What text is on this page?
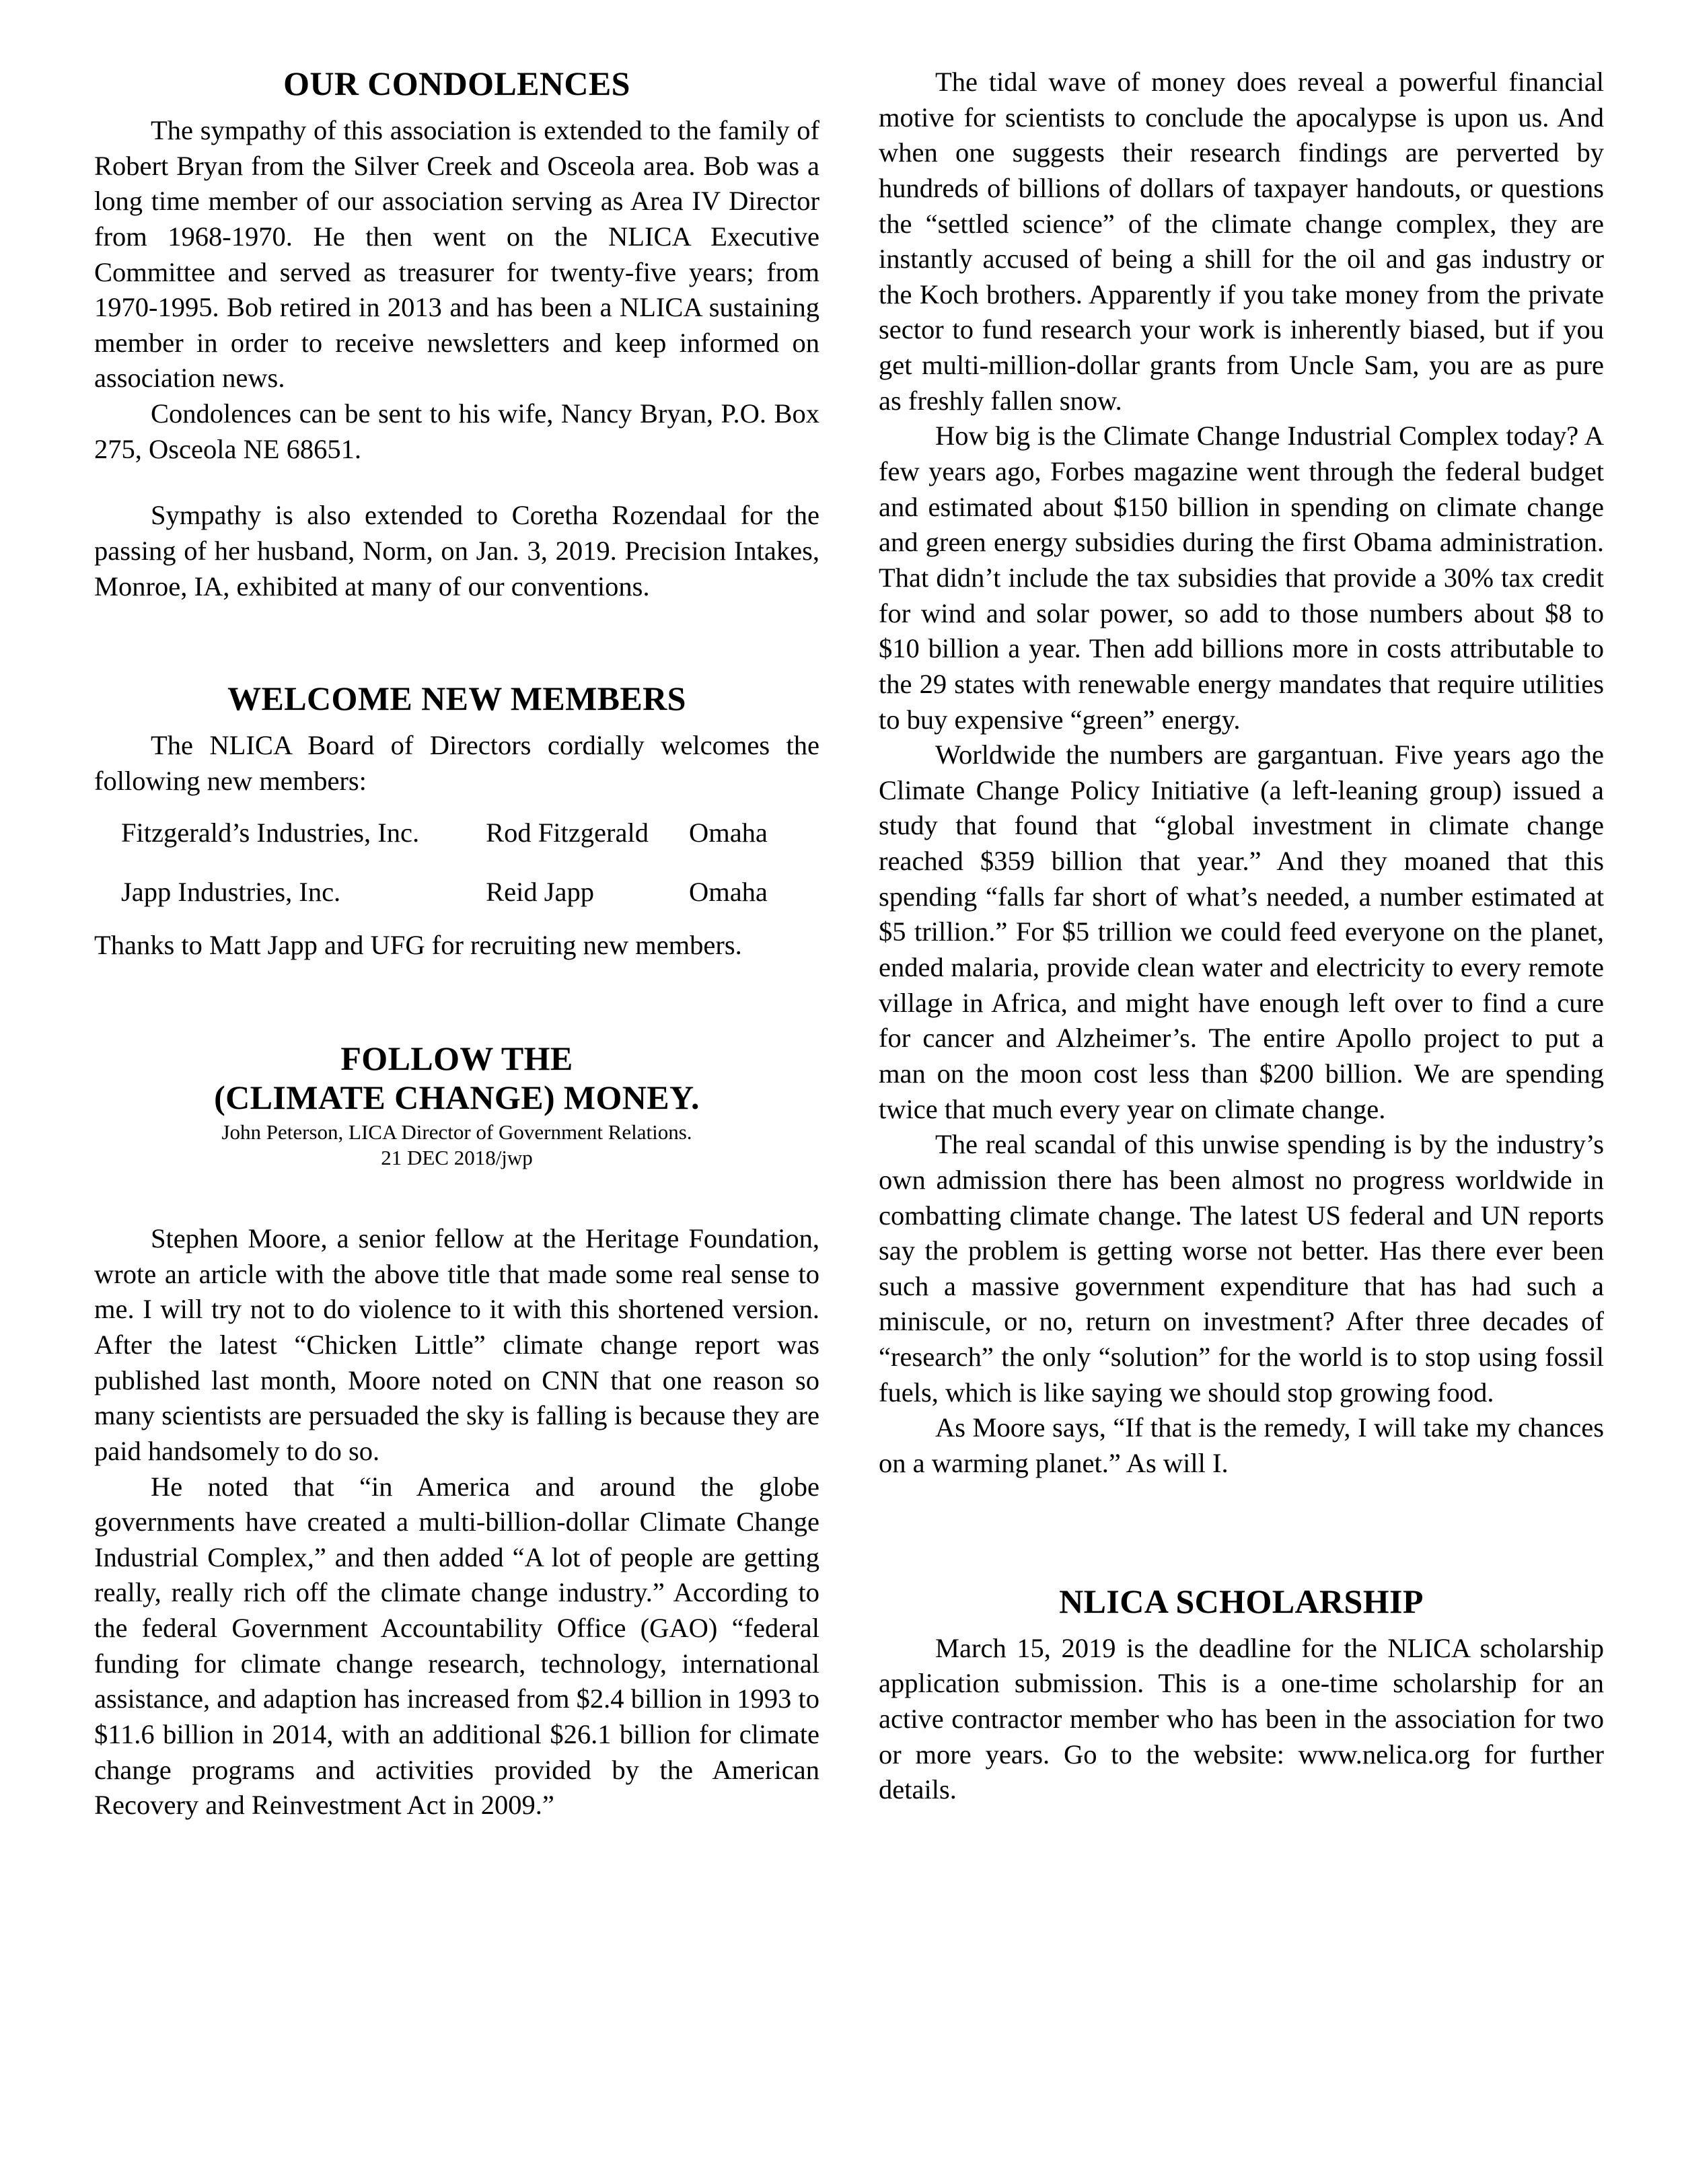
OUR CONDOLENCES

The sympathy of this association is extended to the family of Robert Bryan from the Silver Creek and Osceola area. Bob was a long time member of our association serving as Area IV Director from 1968-1970. He then went on the NLICA Executive Committee and served as treasurer for twenty-five years; from 1970-1995. Bob retired in 2013 and has been a NLICA sustaining member in order to receive newsletters and keep informed on association news.

Condolences can be sent to his wife, Nancy Bryan, P.O. Box 275, Osceola NE 68651.

Sympathy is also extended to Coretha Rozendaal for the passing of her husband, Norm, on Jan. 3, 2019. Precision Intakes, Monroe, IA, exhibited at many of our conventions.

WELCOME NEW MEMBERS

The NLICA Board of Directors cordially welcomes the following new members:

Fitzgerald’s Industries, Inc.	Rod Fitzgerald	Omaha
Japp Industries, Inc.	Reid Japp	Omaha

Thanks to Matt Japp and UFG for recruiting new members.

FOLLOW THE
(CLIMATE CHANGE) MONEY.
John Peterson, LICA Director of Government Relations.
21 DEC 2018/jwp

Stephen Moore, a senior fellow at the Heritage Foundation, wrote an article with the above title that made some real sense to me. I will try not to do violence to it with this shortened version. After the latest “Chicken Little” climate change report was published last month, Moore noted on CNN that one reason so many scientists are persuaded the sky is falling is because they are paid handsomely to do so.

He noted that “in America and around the globe governments have created a multi-billion-dollar Climate Change Industrial Complex,” and then added “A lot of people are getting really, really rich off the climate change industry.” According to the federal Government Accountability Office (GAO) “federal funding for climate change research, technology, international assistance, and adaption has increased from $2.4 billion in 1993 to $11.6 billion in 2014, with an additional $26.1 billion for climate change programs and activities provided by the American Recovery and Reinvestment Act in 2009.”

The tidal wave of money does reveal a powerful financial motive for scientists to conclude the apocalypse is upon us. And when one suggests their research findings are perverted by hundreds of billions of dollars of taxpayer handouts, or questions the “settled science” of the climate change complex, they are instantly accused of being a shill for the oil and gas industry or the Koch brothers. Apparently if you take money from the private sector to fund research your work is inherently biased, but if you get multi-million-dollar grants from Uncle Sam, you are as pure as freshly fallen snow.

How big is the Climate Change Industrial Complex today? A few years ago, Forbes magazine went through the federal budget and estimated about $150 billion in spending on climate change and green energy subsidies during the first Obama administration. That didn’t include the tax subsidies that provide a 30% tax credit for wind and solar power, so add to those numbers about $8 to $10 billion a year. Then add billions more in costs attributable to the 29 states with renewable energy mandates that require utilities to buy expensive “green” energy.

Worldwide the numbers are gargantuan. Five years ago the Climate Change Policy Initiative (a left-leaning group) issued a study that found that “global investment in climate change reached $359 billion that year.” And they moaned that this spending “falls far short of what’s needed, a number estimated at $5 trillion.” For $5 trillion we could feed everyone on the planet, ended malaria, provide clean water and electricity to every remote village in Africa, and might have enough left over to find a cure for cancer and Alzheimer’s. The entire Apollo project to put a man on the moon cost less than $200 billion. We are spending twice that much every year on climate change.

The real scandal of this unwise spending is by the industry’s own admission there has been almost no progress worldwide in combatting climate change. The latest US federal and UN reports say the problem is getting worse not better. Has there ever been such a massive government expenditure that has had such a miniscule, or no, return on investment? After three decades of “research” the only “solution” for the world is to stop using fossil fuels, which is like saying we should stop growing food.

As Moore says, “If that is the remedy, I will take my chances on a warming planet.” As will I.

NLICA SCHOLARSHIP

March 15, 2019 is the deadline for the NLICA scholarship application submission. This is a one-time scholarship for an active contractor member who has been in the association for two or more years. Go to the website: www.nelica.org for further details.
